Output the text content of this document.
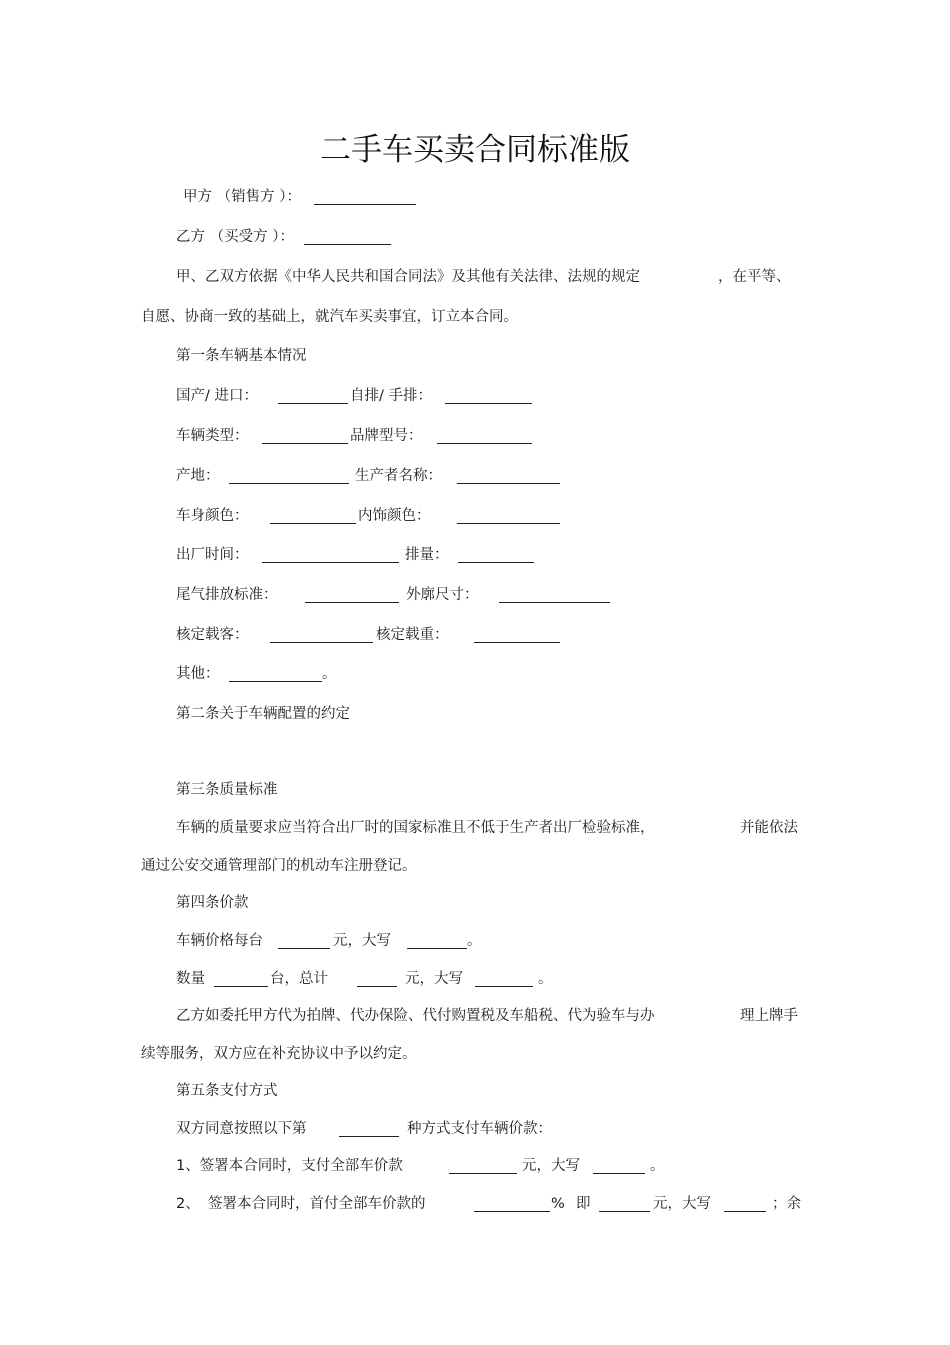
二手车买卖合同标准版
甲方 （销售方 ）：
乙方 （买受方 ）：
甲、乙双方依据《中华人民共和国合同法》及其他有关法律、法规的规定	，在平等、
自愿、协商一致的基础上，就汽车买卖事宜，订立本合同。
第一条车辆基本情况
国产/ 进口：	自排/ 手排：
车辆类型：	品牌型号：
产地：	生产者名称：
车身颜色：	内饰颜色：
出厂时间：	排量：
尾气排放标准：	外廓尺寸：
核定载客：	核定载重：
其他：	。
第二条关于车辆配置的约定
第三条质量标准
车辆的质量要求应当符合出厂时的国家标准且不低于生产者出厂检验标准，	并能依法
通过公安交通管理部门的机动车注册登记。
第四条价款
车辆价格每台	元，大写	。
数量	台，总计	元，大写	。
乙方如委托甲方代为拍牌、代办保险、代付购置税及车船税、代为验车与办	理上牌手
续等服务，双方应在补充协议中予以约定。
第五条支付方式
双方同意按照以下第	种方式支付车辆价款：
1、签署本合同时，支付全部车价款	元，大写	。
2、 签署本合同时，首付全部车价款的	% 即	元，大写	；余
